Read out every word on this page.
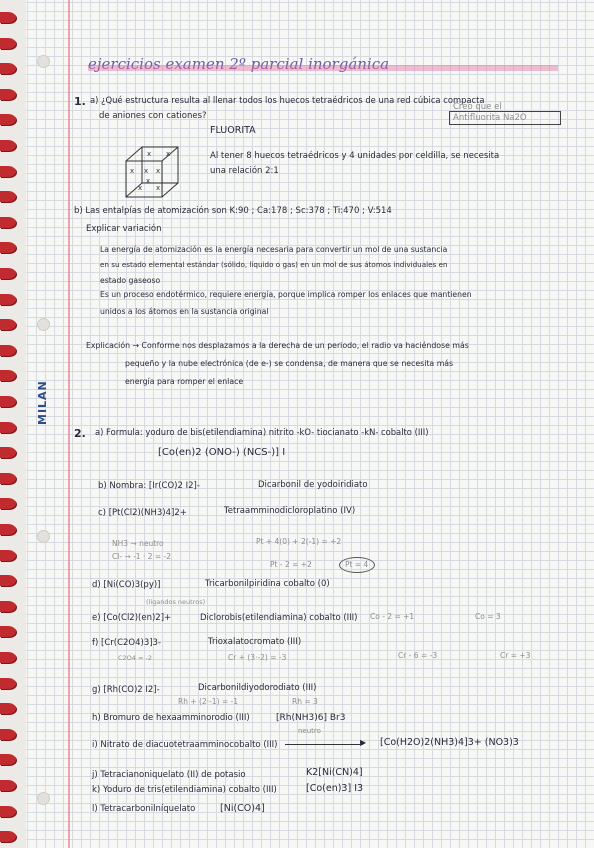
MILAN
ejercicios examen 2º parcial inorgánica
1. a) ¿Qué estructura resulta al llenar todos los huecos tetraédricos de una red cúbica compacta
de aniones con cationes?
Creo que el
Antifluorita Na2O
FLUORITA
x x
x x x
x
x x
Al tener 8 huecos tetraédricos y 4 unidades por celdilla, se necesita
una relación 2:1
b) Las entalpías de atomización son K:90 ; Ca:178 ; Sc:378 ; Ti:470 ; V:514
Explicar variación
La energía de atomización es la energía necesaria para convertir un mol de una sustancia
en su estado elemental estándar (sólido, líquido o gas) en un mol de sus átomos individuales en
estado gaseoso
Es un proceso endotérmico, requiere energía, porque implica romper los enlaces que mantienen
unidos a los átomos en la sustancia original
Explicación → Conforme nos desplazamos a la derecha de un periodo, el radio va haciéndose más
pequeño y la nube electrónica (de e-) se condensa, de manera que se necesita más
energía para romper el enlace
2. a) Formula: yoduro de bis(etilendiamina) nitrito -kO- tiocianato -kN- cobalto (III)
[Co(en)2 (ONO-) (NCS-)] I
b) Nombra: [Ir(CO)2 I2]-	Dicarbonil de yodoiridiato
c) [Pt(Cl2)(NH3)4]2+	Tetraamminodicloroplatino (IV)
NH3 → neutro
Cl- → -1 · 2 = -2
Pt + 4(0) + 2(-1) = +2
Pt - 2 = +2	Pt = 4
d) [Ni(CO)3(py)]	Tricarbonilpiridina cobalto (0)
(ligandos neutros)
e) [Co(Cl2)(en)2]+	Diclorobis(etilendiamina) cobalto (III) Co - 2 = +1	Co = 3
f) [Cr(C2O4)3]3-	Trioxalatocromato (III)
C2O4 = -2	Cr + (3·-2) = -3	Cr - 6 = -3	Cr = +3
g) [Rh(CO)2 I2]-	Dicarbonildiyodorodiato (III)
Rh + (2·-1) = -1	Rh = 3
h) Bromuro de hexaamminorodio (III)	[Rh(NH3)6] Br3
i) Nitrato de diacuotetraamminocobalto (III)
neutro
▶ [Co(H2O)2(NH3)4]3+ (NO3)3
j) Tetracianoniquelato (II) de potasio	K2[Ni(CN)4]
k) Yoduro de tris(etilendiamina) cobalto (III)	[Co(en)3] I3
l) Tetracarbonilníquelato	[Ni(CO)4]
